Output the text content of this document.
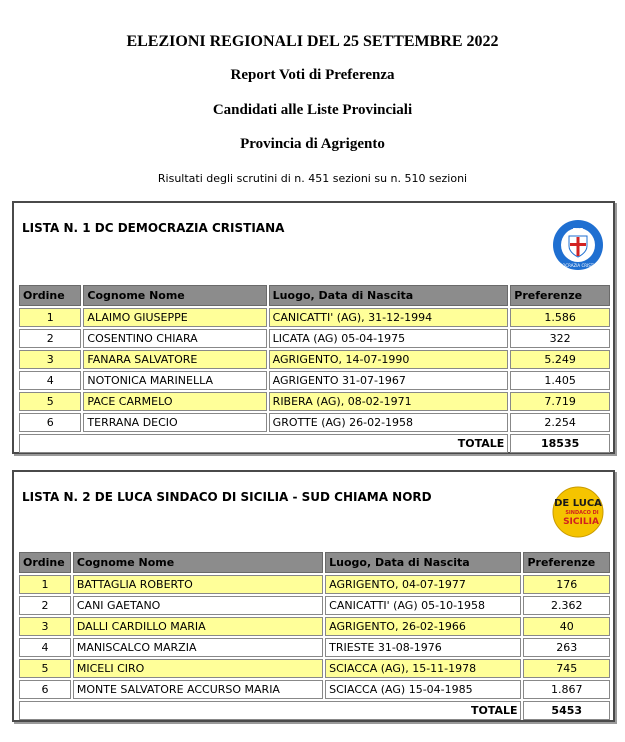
ELEZIONI REGIONALI DEL 25 SETTEMBRE 2022
Report Voti di Preferenza
Candidati alle Liste Provinciali
Provincia di Agrigento
Risultati degli scrutini di n. 451 sezioni su n. 510 sezioni
LISTA N. 1 DC DEMOCRAZIA CRISTIANA	DC
DEMOCRAZIA CRISTIANA
Ordine	Cognome Nome	Luogo, Data di Nascita	Preferenze
1	ALAIMO GIUSEPPE	CANICATTI' (AG), 31-12-1994	1.586
2	COSENTINO CHIARA	LICATA (AG) 05-04-1975	322
3	FANARA SALVATORE	AGRIGENTO, 14-07-1990	5.249
4	NOTONICA MARINELLA	AGRIGENTO 31-07-1967	1.405
5	PACE CARMELO	RIBERA (AG), 08-02-1971	7.719
6	TERRANA DECIO	GROTTE (AG) 26-02-1958	2.254
TOTALE			18535
LISTA N. 2 DE LUCA SINDACO DI SICILIA - SUD CHIAMA NORD	DE LUCA
SINDACO DI
SICILIA
Ordine	Cognome Nome	Luogo, Data di Nascita	Preferenze
1	BATTAGLIA ROBERTO	AGRIGENTO, 04-07-1977	176
2	CANI GAETANO	CANICATTI' (AG) 05-10-1958	2.362
3	DALLI CARDILLO MARIA	AGRIGENTO, 26-02-1966	40
4	MANISCALCO MARZIA	TRIESTE 31-08-1976	263
5	MICELI CIRO	SCIACCA (AG), 15-11-1978	745
6	MONTE SALVATORE ACCURSO MARIA	SCIACCA (AG) 15-04-1985	1.867
TOTALE			5453
